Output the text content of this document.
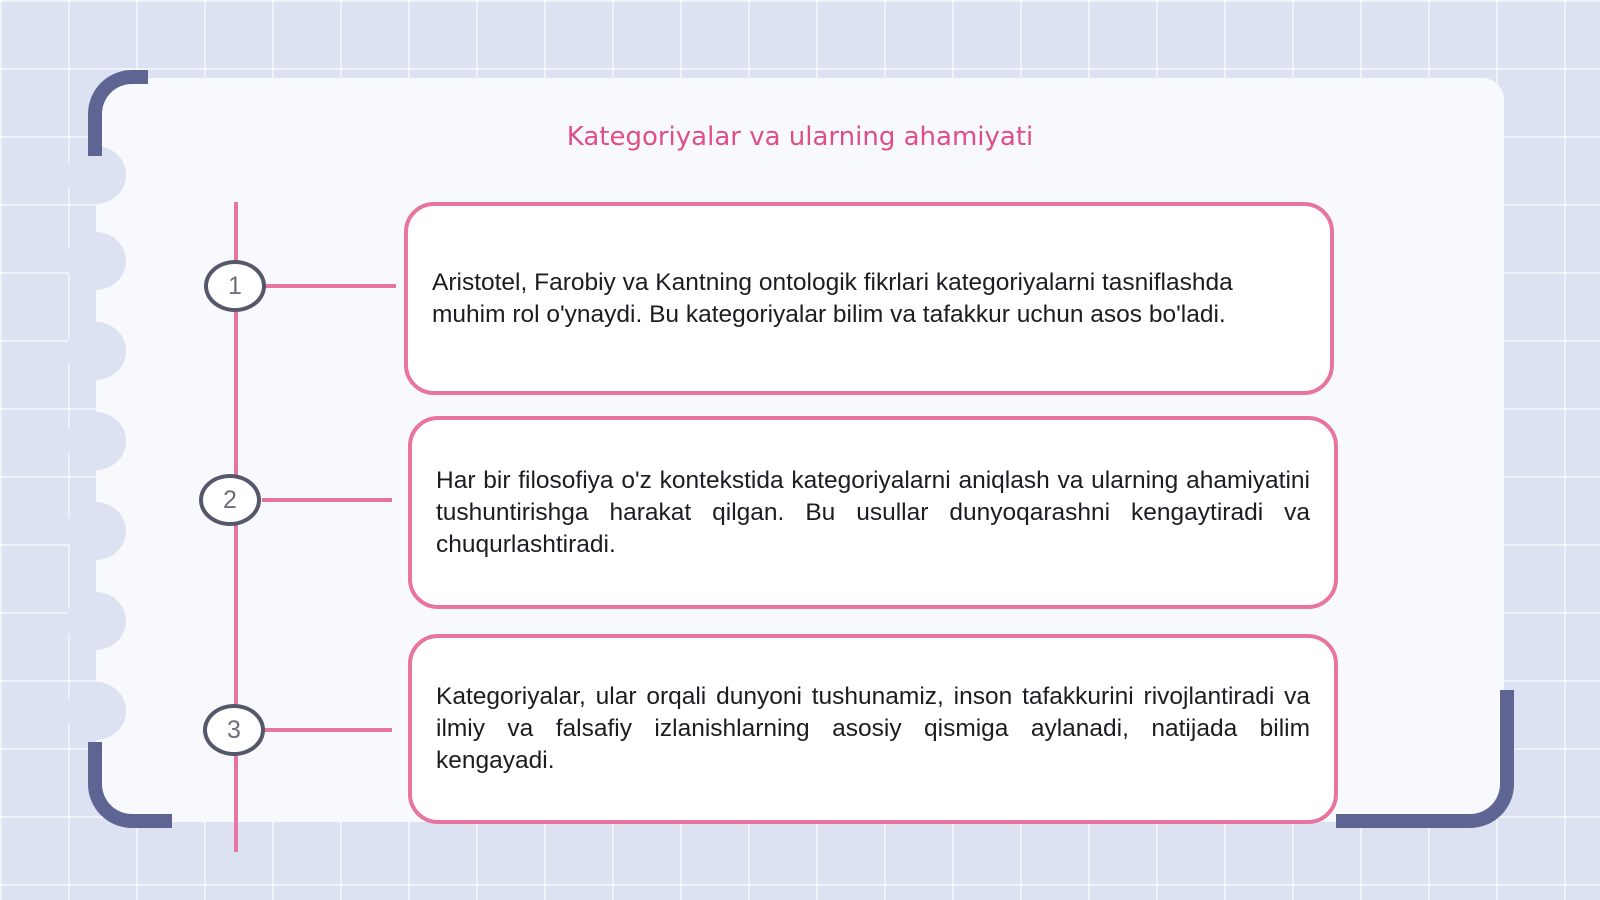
Kategoriyalar va ularning ahamiyati
1	Aristotel, Farobiy va Kantning ontologik fikrlari kategoriyalarni tasniflashda muhim rol o'ynaydi. Bu kategoriyalar bilim va tafakkur uchun asos bo'ladi.

2

Har bir filosofiya o'z kontekstida kategoriyalarni aniqlash va ularning ahamiyatini tushuntirishga harakat qilgan. Bu usullar dunyoqarashni kengaytiradi va chuqurlashtiradi.

3

Kategoriyalar, ular orqali dunyoni tushunamiz, inson tafakkurini rivojlantiradi va ilmiy va falsafiy izlanishlarning asosiy qismiga aylanadi, natijada bilim kengayadi.
